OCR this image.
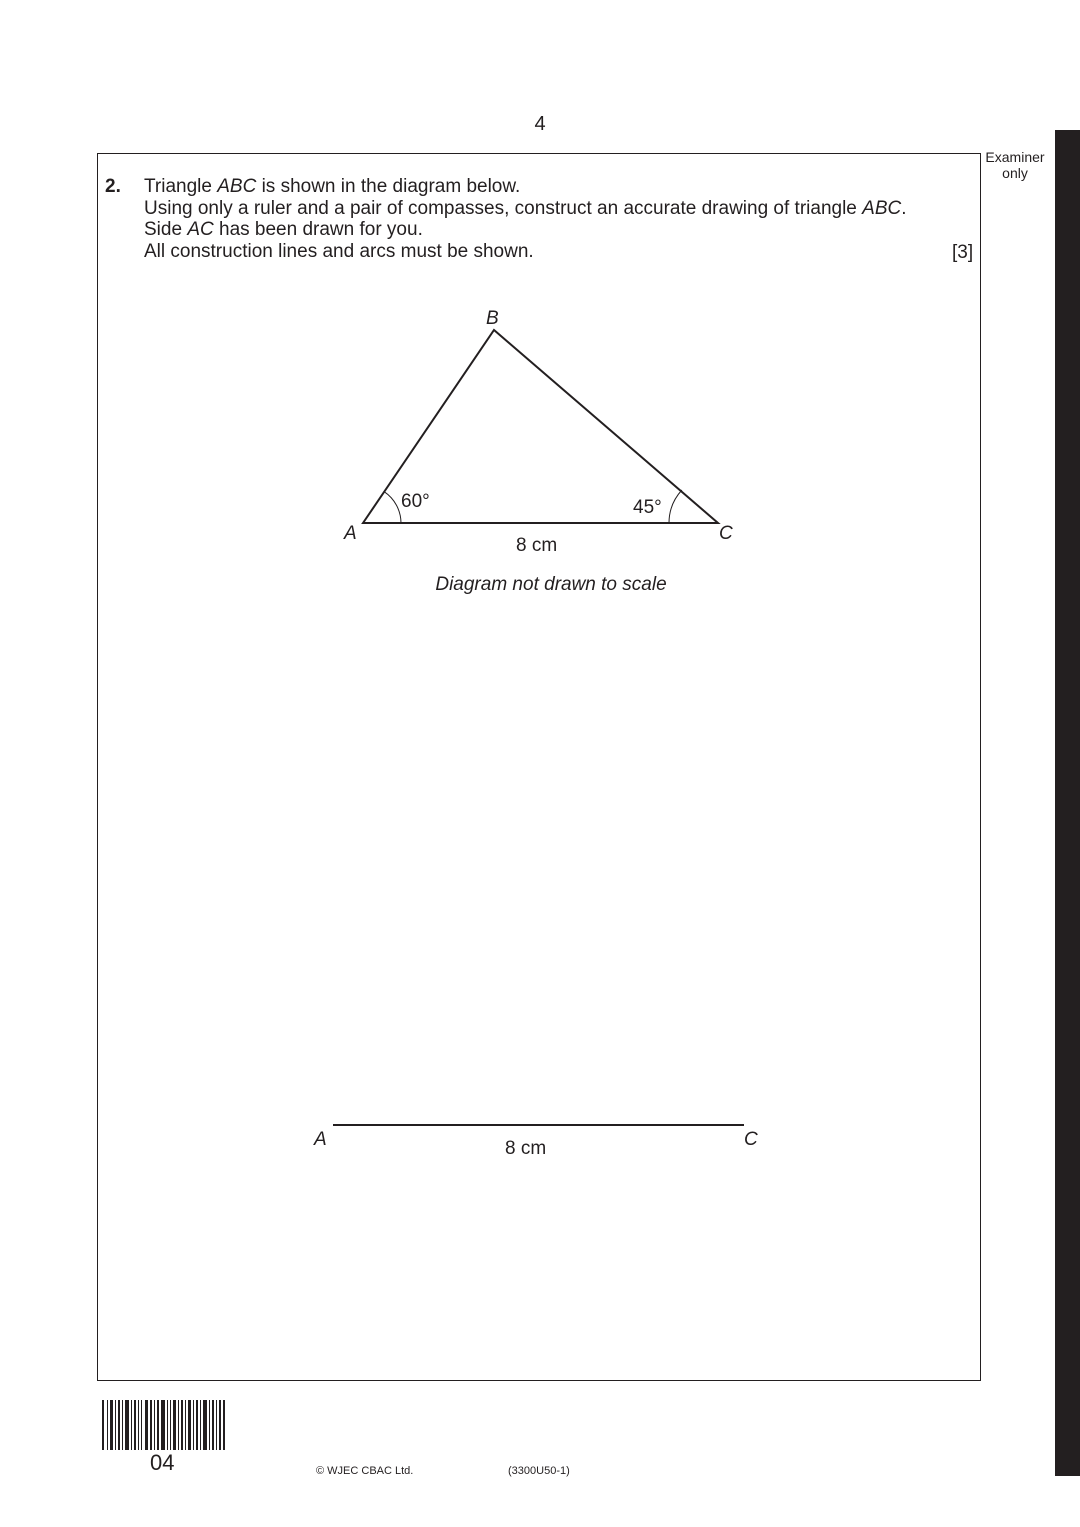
4
Examiner only
2. Triangle ABC is shown in the diagram below.

Using only a ruler and a pair of compasses, construct an accurate drawing of triangle ABC.

Side AC has been drawn for you.

All construction lines and arcs must be shown.	[3]
B
A	C
60°	45°
8 cm
Diagram not drawn to scale
A	C
8 cm
04	© WJEC CBAC Ltd.	(3300U50-1)
